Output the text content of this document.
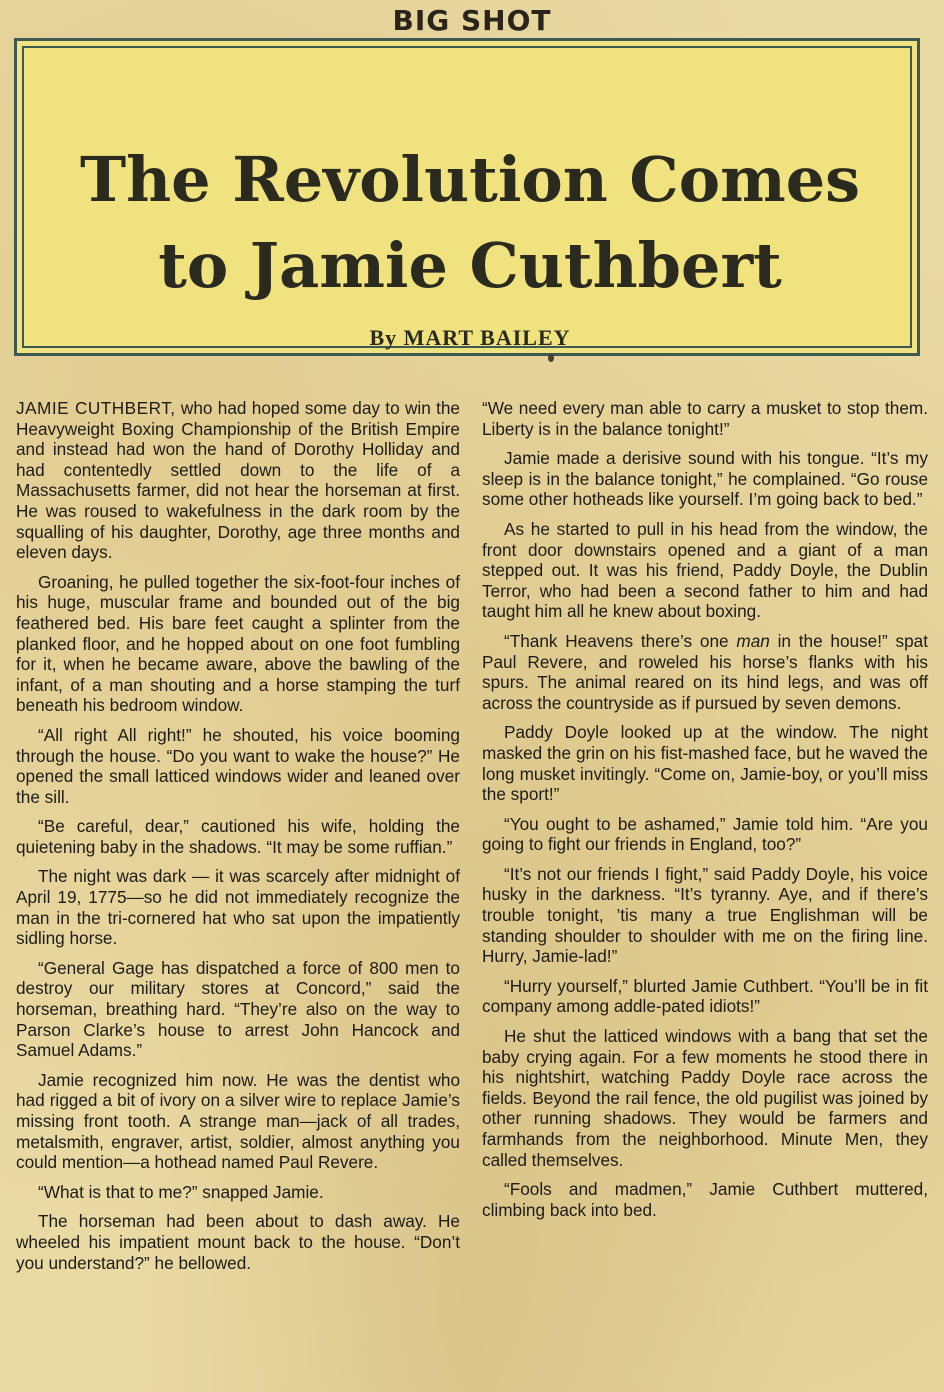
BIG SHOT
The Revolution Comes to Jamie Cuthbert
By MART BAILEY

JAMIE CUTHBERT, who had hoped some day to win the Heavyweight Boxing Championship of the British Empire and instead had won the hand of Dorothy Holliday and had contentedly settled down to the life of a Massachusetts farmer, did not hear the horseman at first. He was roused to wakefulness in the dark room by the squalling of his daughter, Dorothy, age three months and eleven days.

Groaning, he pulled together the six-foot-four inches of his huge, muscular frame and bounded out of the big feathered bed. His bare feet caught a splinter from the planked floor, and he hopped about on one foot fumbling for it, when he became aware, above the bawling of the infant, of a man shouting and a horse stamping the turf beneath his bedroom window.

“All right All right!” he shouted, his voice booming through the house. “Do you want to wake the house?” He opened the small latticed windows wider and leaned over the sill.

“Be careful, dear,” cautioned his wife, holding the quietening baby in the shadows. “It may be some ruffian.”

The night was dark — it was scarcely after midnight of April 19, 1775—so he did not immediately recognize the man in the tri-cornered hat who sat upon the impatiently sidling horse.

“General Gage has dispatched a force of 800 men to destroy our military stores at Concord,” said the horseman, breathing hard. “They’re also on the way to Parson Clarke’s house to arrest John Hancock and Samuel Adams.”

Jamie recognized him now. He was the dentist who had rigged a bit of ivory on a silver wire to replace Jamie’s missing front tooth. A strange man—jack of all trades, metalsmith, engraver, artist, soldier, almost anything you could mention—a hothead named Paul Revere.

“What is that to me?” snapped Jamie.

The horseman had been about to dash away. He wheeled his impatient mount back to the house. “Don’t you understand?” he bellowed.

“We need every man able to carry a musket to stop them. Liberty is in the balance tonight!”

Jamie made a derisive sound with his tongue. “It’s my sleep is in the balance tonight,” he complained. “Go rouse some other hotheads like yourself. I’m going back to bed.”

As he started to pull in his head from the window, the front door downstairs opened and a giant of a man stepped out. It was his friend, Paddy Doyle, the Dublin Terror, who had been a second father to him and had taught him all he knew about boxing.

“Thank Heavens there’s one man in the house!” spat Paul Revere, and roweled his horse’s flanks with his spurs. The animal reared on its hind legs, and was off across the countryside as if pursued by seven demons.

Paddy Doyle looked up at the window. The night masked the grin on his fist-mashed face, but he waved the long musket invitingly. “Come on, Jamie-boy, or you’ll miss the sport!”

“You ought to be ashamed,” Jamie told him. “Are you going to fight our friends in England, too?”

“It’s not our friends I fight,” said Paddy Doyle, his voice husky in the darkness. “It’s tyranny. Aye, and if there’s trouble tonight, ’tis many a true Englishman will be standing shoulder to shoulder with me on the firing line. Hurry, Jamie-lad!”

“Hurry yourself,” blurted Jamie Cuthbert. “You’ll be in fit company among addle-pated idiots!”

He shut the latticed windows with a bang that set the baby crying again. For a few moments he stood there in his nightshirt, watching Paddy Doyle race across the fields. Beyond the rail fence, the old pugilist was joined by other running shadows. They would be farmers and farmhands from the neighborhood. Minute Men, they called themselves.

“Fools and madmen,” Jamie Cuthbert muttered, climbing back into bed.
